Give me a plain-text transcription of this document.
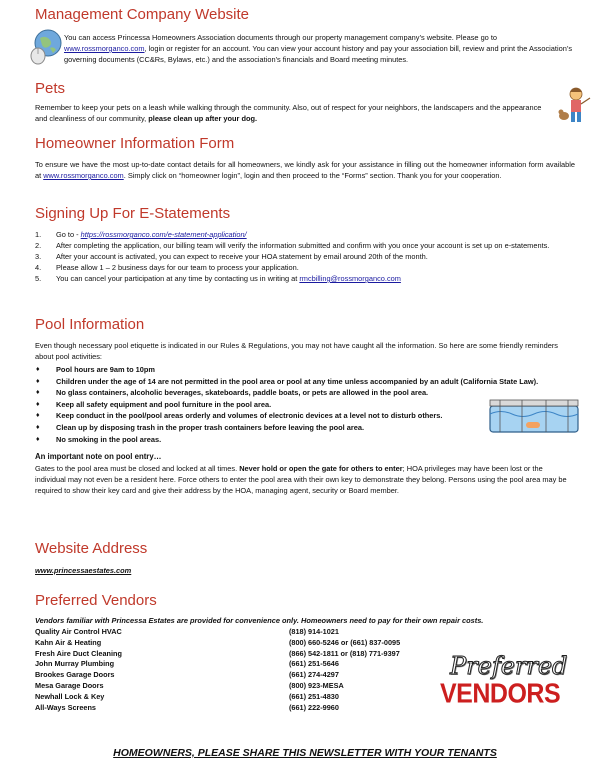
Management Company Website
You can access Princessa Homeowners Association documents through our property management company’s website. Please go to www.rossmorganco.com, login or register for an account. You can view your account history and pay your association bill, review and print the Association’s governing documents (CC&Rs, Bylaws, etc.) and the association’s financials and Board meeting minutes.
Pets
Remember to keep your pets on a leash while walking through the community. Also, out of respect for your neighbors, the landscapers and the appearance and cleanliness of our community, please clean up after your dog.
Homeowner Information Form
To ensure we have the most up-to-date contact details for all homeowners, we kindly ask for your assistance in filling out the homeowner information form available at www.rossmorganco.com. Simply click on “homeowner login”, login and then proceed to the “Forms” section. Thank you for your cooperation.
Signing Up For E-Statements
1. Go to - https://rossmorganco.com/e-statement-application/
2. After completing the application, our billing team will verify the information submitted and confirm with you once your account is set up on e-statements.
3. After your account is activated, you can expect to receive your HOA statement by email around 20th of the month.
4. Please allow 1 – 2 business days for our team to process your application.
5. You can cancel your participation at any time by contacting us in writing at rmcbilling@rossmorganco.com
Pool Information
Even though necessary pool etiquette is indicated in our Rules & Regulations, you may not have caught all the information. So here are some friendly reminders about pool activities:
♦ Pool hours are 9am to 10pm
♦ Children under the age of 14 are not permitted in the pool area or pool at any time unless accompanied by an adult (California State Law).
♦ No glass containers, alcoholic beverages, skateboards, paddle boats, or pets are allowed in the pool area.
♦ Keep all safety equipment and pool furniture in the pool area.
♦ Keep conduct in the pool/pool areas orderly and volumes of electronic devices at a level not to disturb others.
♦ Clean up by disposing trash in the proper trash containers before leaving the pool area.
♦ No smoking in the pool areas.
An important note on pool entry…
Gates to the pool area must be closed and locked at all times. Never hold or open the gate for others to enter; HOA privileges may have been lost or the individual may not even be a resident here. Force others to enter the pool area with their own key to demonstrate they belong. Persons using the pool area may be required to show their key card and give their address by the HOA, managing agent, security or Board member.
Website Address
www.princessaestates.com
Preferred Vendors
Vendors familiar with Princessa Estates are provided for convenience only. Homeowners need to pay for their own repair costs.
Quality Air Control HVAC	(818) 914-1021
Kahn Air & Heating	(800) 660-5246 or (661) 837-0095
Fresh Aire Duct Cleaning	(866) 542-1811 or (818) 771-9397
John Murray Plumbing	(661) 251-5646
Brookes Garage Doors	(661) 274-4297
Mesa Garage Doors	(800) 923-MESA
Newhall Lock & Key	(661) 251-4830
All-Ways Screens	(661) 222-9960
Preferred
VENDORS
HOMEOWNERS, PLEASE SHARE THIS NEWSLETTER WITH YOUR TENANTS
